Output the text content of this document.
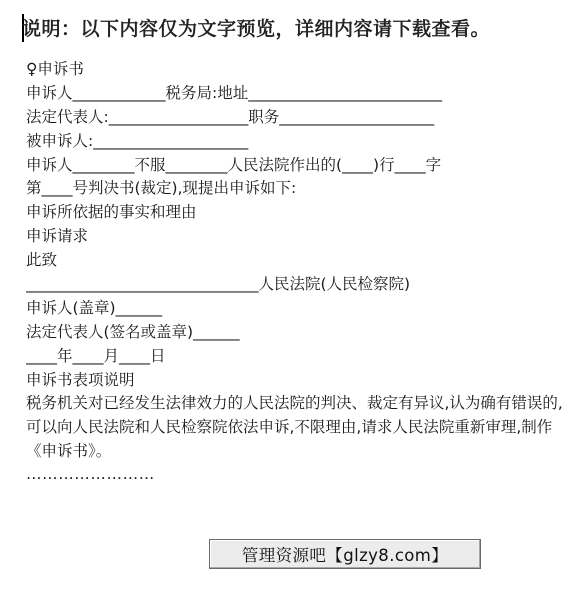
说明：以下内容仅为文字预览，详细内容请下载查看。
♀申诉书
申诉人____________税务局:地址_________________________
法定代表人:__________________职务____________________
被申诉人:____________________
申诉人________不服________人民法院作出的(____)行____字
第____号判决书(裁定),现提出申诉如下:
申诉所依据的事实和理由
申诉请求
此致
______________________________人民法院(人民检察院)
申诉人(盖章)______
法定代表人(签名或盖章)______
____年____月____日
申诉书表项说明
税务机关对已经发生法律效力的人民法院的判决、裁定有异议,认为确有错误的,可以向人民法院和人民检察院依法申诉,不限理由,请求人民法院重新审理,制作《申诉书》。
……………………
管理资源吧【glzy8.com】
